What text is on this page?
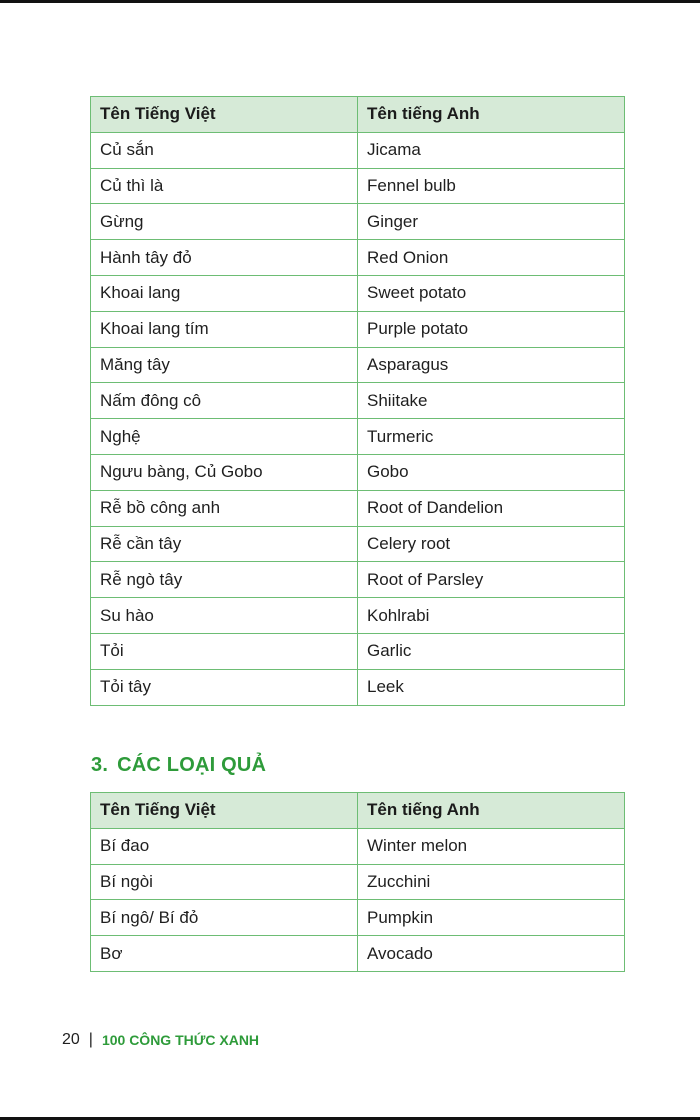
Tên Tiếng Việt	Tên tiếng Anh
Củ sắn	Jicama
Củ thì là	Fennel bulb
Gừng	Ginger
Hành tây đỏ	Red Onion
Khoai lang	Sweet potato
Khoai lang tím	Purple potato
Măng tây	Asparagus
Nấm đông cô	Shiitake
Nghệ	Turmeric
Ngưu bàng, Củ Gobo	Gobo
Rễ bồ công anh	Root of Dandelion
Rễ cần tây	Celery root
Rễ ngò tây	Root of Parsley
Su hào	Kohlrabi
Tỏi	Garlic
Tỏi tây	Leek
3. CÁC LOẠI QUẢ
Tên Tiếng Việt	Tên tiếng Anh
Bí đao	Winter melon
Bí ngòi	Zucchini
Bí ngô/ Bí đỏ	Pumpkin
Bơ	Avocado
20 | 100 CÔNG THỨC XANH
